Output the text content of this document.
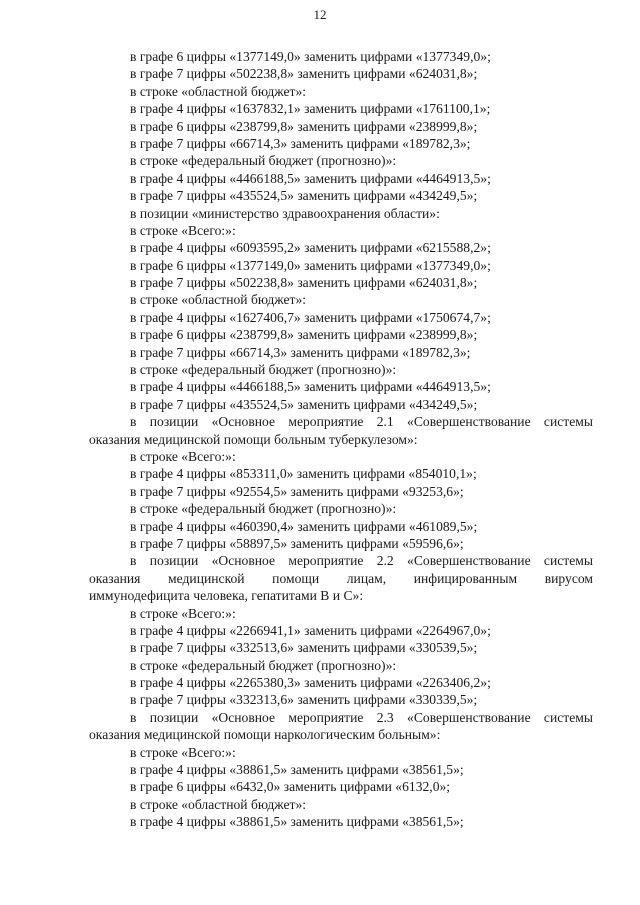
12
в графе 6 цифры «1377149,0» заменить цифрами «1377349,0»;
в графе 7 цифры «502238,8» заменить цифрами «624031,8»;
в строке «областной бюджет»:
в графе 4 цифры «1637832,1» заменить цифрами «1761100,1»;
в графе 6 цифры «238799,8» заменить цифрами «238999,8»;
в графе 7 цифры «66714,3» заменить цифрами «189782,3»;
в строке «федеральный бюджет (прогнозно)»:
в графе 4 цифры «4466188,5» заменить цифрами «4464913,5»;
в графе 7 цифры «435524,5» заменить цифрами «434249,5»;
в позиции «министерство здравоохранения области»:
в строке «Всего:»:
в графе 4 цифры «6093595,2» заменить цифрами «6215588,2»;
в графе 6 цифры «1377149,0» заменить цифрами «1377349,0»;
в графе 7 цифры «502238,8» заменить цифрами «624031,8»;
в строке «областной бюджет»:
в графе 4 цифры «1627406,7» заменить цифрами «1750674,7»;
в графе 6 цифры «238799,8» заменить цифрами «238999,8»;
в графе 7 цифры «66714,3» заменить цифрами «189782,3»;
в строке «федеральный бюджет (прогнозно)»:
в графе 4 цифры «4466188,5» заменить цифрами «4464913,5»;
в графе 7 цифры «435524,5» заменить цифрами «434249,5»;
в позиции «Основное мероприятие 2.1 «Совершенствование системы
оказания медицинской помощи больным туберкулезом»:
в строке «Всего:»:
в графе 4 цифры «853311,0» заменить цифрами «854010,1»;
в графе 7 цифры «92554,5» заменить цифрами «93253,6»;
в строке «федеральный бюджет (прогнозно)»:
в графе 4 цифры «460390,4» заменить цифрами «461089,5»;
в графе 7 цифры «58897,5» заменить цифрами «59596,6»;
в позиции «Основное мероприятие 2.2 «Совершенствование системы
оказания медицинской помощи лицам, инфицированным вирусом
иммунодефицита человека, гепатитами В и С»:
в строке «Всего:»:
в графе 4 цифры «2266941,1» заменить цифрами «2264967,0»;
в графе 7 цифры «332513,6» заменить цифрами «330539,5»;
в строке «федеральный бюджет (прогнозно)»:
в графе 4 цифры «2265380,3» заменить цифрами «2263406,2»;
в графе 7 цифры «332313,6» заменить цифрами «330339,5»;
в позиции «Основное мероприятие 2.3 «Совершенствование системы
оказания медицинской помощи наркологическим больным»:
в строке «Всего:»:
в графе 4 цифры «38861,5» заменить цифрами «38561,5»;
в графе 6 цифры «6432,0» заменить цифрами «6132,0»;
в строке «областной бюджет»:
в графе 4 цифры «38861,5» заменить цифрами «38561,5»;
